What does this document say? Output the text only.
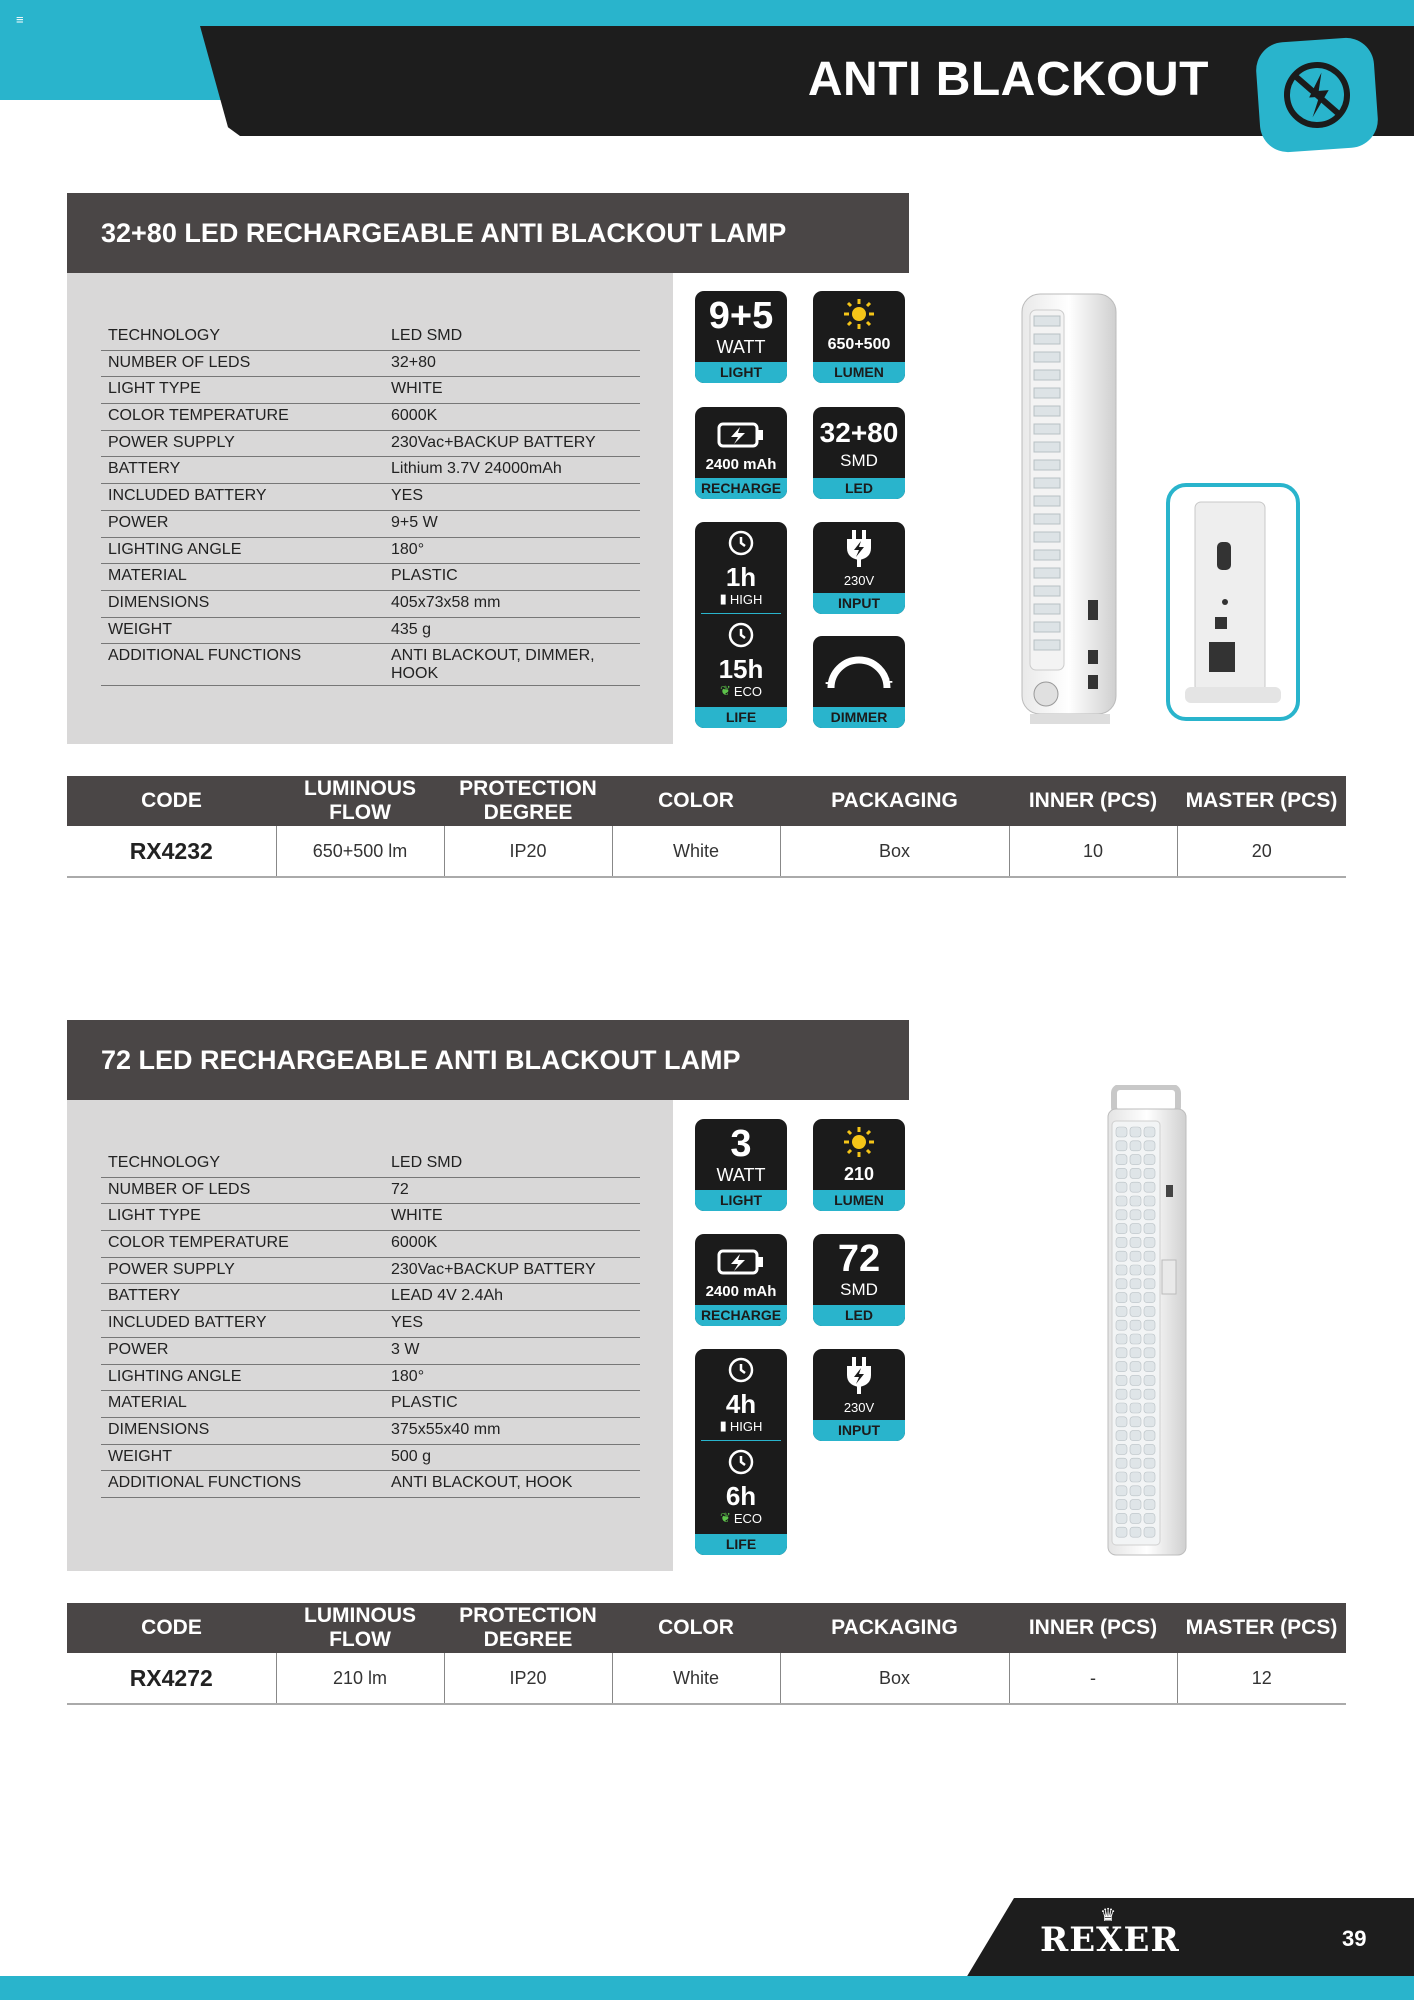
≡
ANTI BLACKOUT
32+80 LED RECHARGEABLE ANTI BLACKOUT LAMP
TECHNOLOGY	LED SMD
NUMBER OF LEDS	32+80
LIGHT TYPE	WHITE
COLOR TEMPERATURE	6000K
POWER SUPPLY	230Vac+BACKUP BATTERY
BATTERY	Lithium 3.7V 24000mAh
INCLUDED BATTERY	YES
POWER	9+5 W
LIGHTING ANGLE	180°
MATERIAL	PLASTIC
DIMENSIONS	405x73x58 mm
WEIGHT	435 g
ADDITIONAL FUNCTIONS	ANTI BLACKOUT, DIMMER, HOOK
9+5
WATT
LIGHT
650+500
LUMEN
2400 mAh
RECHARGE
32+80
SMD
LED
1h
▮ HIGH
15h
❦ ECO
LIFE
230V
INPUT
-	+
DIMMER
CODE	LUMINOUS FLOW	PROTECTION DEGREE	COLOR	PACKAGING	INNER (PCS)	MASTER (PCS)
RX4232	650+500 lm	IP20	White	Box	10	20
72 LED RECHARGEABLE ANTI BLACKOUT LAMP
TECHNOLOGY	LED SMD
NUMBER OF LEDS	72
LIGHT TYPE	WHITE
COLOR TEMPERATURE	6000K
POWER SUPPLY	230Vac+BACKUP BATTERY
BATTERY	LEAD 4V 2.4Ah
INCLUDED BATTERY	YES
POWER	3 W
LIGHTING ANGLE	180°
MATERIAL	PLASTIC
DIMENSIONS	375x55x40 mm
WEIGHT	500 g
ADDITIONAL FUNCTIONS	ANTI BLACKOUT, HOOK
3
WATT
LIGHT
210
LUMEN
2400 mAh
RECHARGE
72
SMD
LED
4h
▮ HIGH
6h
❦ ECO
LIFE
230V
INPUT
CODE	LUMINOUS FLOW	PROTECTION DEGREE	COLOR	PACKAGING	INNER (PCS)	MASTER (PCS)
RX4272	210 lm	IP20	White	Box	-	12
♛
REXER	39
